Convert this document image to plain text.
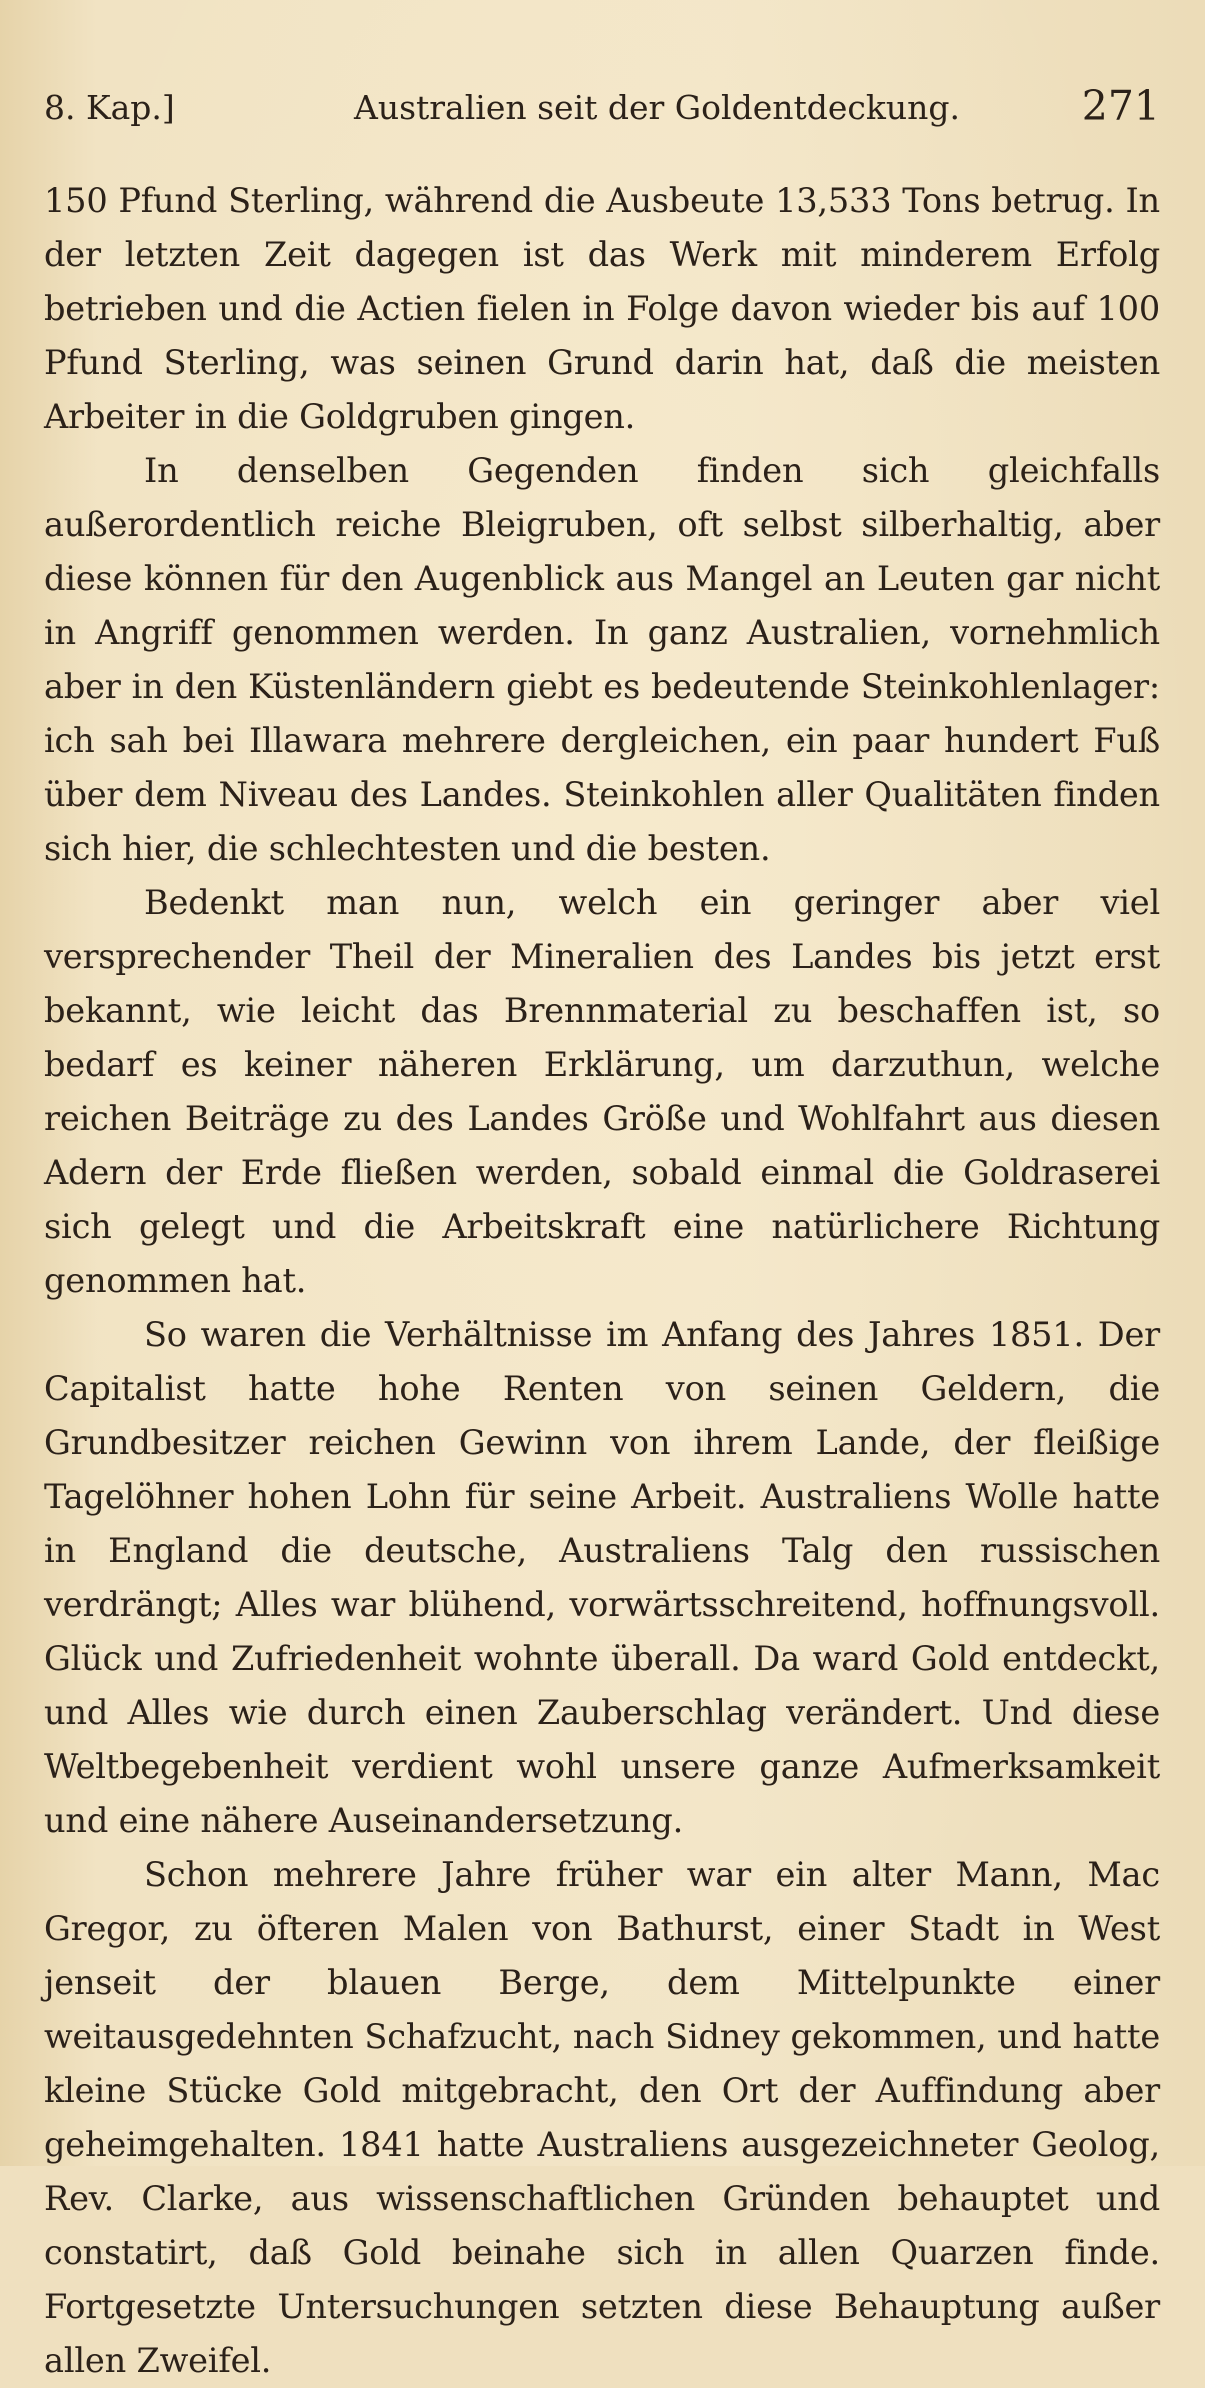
8. Kap.]	Australien seit der Goldentdeckung.	271

150 Pfund Sterling, während die Ausbeute 13,533 Tons betrug. In der letzten Zeit dagegen ist das Werk mit minderem Erfolg betrieben und die Actien fielen in Folge davon wieder bis auf 100 Pfund Sterling, was seinen Grund darin hat, daß die meisten Arbeiter in die Goldgruben gingen.

In denselben Gegenden finden sich gleichfalls außerordentlich reiche Bleigruben, oft selbst silberhaltig, aber diese können für den Augenblick aus Mangel an Leuten gar nicht in Angriff genommen werden. In ganz Australien, vornehmlich aber in den Küstenländern giebt es bedeutende Steinkohlenlager: ich sah bei Illawara mehrere dergleichen, ein paar hundert Fuß über dem Niveau des Landes. Steinkohlen aller Qualitäten finden sich hier, die schlechtesten und die besten.

Bedenkt man nun, welch ein geringer aber viel versprechender Theil der Mineralien des Landes bis jetzt erst bekannt, wie leicht das Brennmaterial zu beschaffen ist, so bedarf es keiner näheren Erklärung, um darzuthun, welche reichen Beiträge zu des Landes Größe und Wohlfahrt aus diesen Adern der Erde fließen werden, sobald einmal die Goldraserei sich gelegt und die Arbeitskraft eine natürlichere Richtung genommen hat.

So waren die Verhältnisse im Anfang des Jahres 1851. Der Capitalist hatte hohe Renten von seinen Geldern, die Grundbesitzer reichen Gewinn von ihrem Lande, der fleißige Tagelöhner hohen Lohn für seine Arbeit. Australiens Wolle hatte in England die deutsche, Australiens Talg den russischen verdrängt; Alles war blühend, vorwärtsschreitend, hoffnungsvoll. Glück und Zufriedenheit wohnte überall. Da ward Gold entdeckt, und Alles wie durch einen Zauberschlag verändert. Und diese Weltbegebenheit verdient wohl unsere ganze Aufmerksamkeit und eine nähere Auseinandersetzung.

Schon mehrere Jahre früher war ein alter Mann, Mac Gregor, zu öfteren Malen von Bathurst, einer Stadt in West jenseit der blauen Berge, dem Mittelpunkte einer weitausgedehnten Schafzucht, nach Sidney gekommen, und hatte kleine Stücke Gold mitgebracht, den Ort der Auffindung aber geheimgehalten. 1841 hatte Australiens ausgezeichneter Geolog, Rev. Clarke, aus wissenschaftlichen Gründen behauptet und constatirt, daß Gold beinahe sich in allen Quarzen finde. Fortgesetzte Untersuchungen setzten diese Behauptung außer allen Zweifel.
